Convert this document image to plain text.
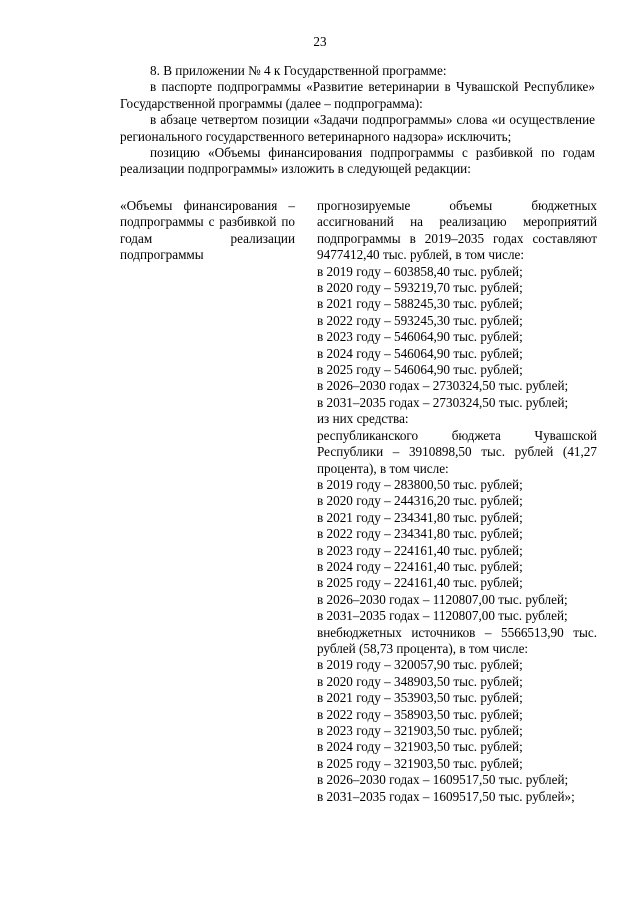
23

8. В приложении № 4 к Государственной программе:

в паспорте подпрограммы «Развитие ветеринарии в Чувашской Республике» Государственной программы (далее – подпрограмма):

в абзаце четвертом позиции «Задачи подпрограммы» слова «и осуществление регионального государственного ветеринарного надзора» исключить;

позицию «Объемы финансирования подпрограммы с разбивкой по годам реализации подпрограммы» изложить в следующей редакции:

«Объемы финансирования – подпрограммы с разбивкой по годам реализации подпрограммы
прогнозируемые объемы бюджетных ассигнований на реализацию мероприятий подпрограммы в 2019–2035 годах составляют 9477412,40 тыс. рублей, в том числе:
в 2019 году – 603858,40 тыс. рублей;
в 2020 году – 593219,70 тыс. рублей;
в 2021 году – 588245,30 тыс. рублей;
в 2022 году – 593245,30 тыс. рублей;
в 2023 году – 546064,90 тыс. рублей;
в 2024 году – 546064,90 тыс. рублей;
в 2025 году – 546064,90 тыс. рублей;
в 2026–2030 годах – 2730324,50 тыс. рублей;
в 2031–2035 годах – 2730324,50 тыс. рублей;
из них средства:
республиканского бюджета Чувашской Республики – 3910898,50 тыс. рублей (41,27 процента), в том числе:
в 2019 году – 283800,50 тыс. рублей;
в 2020 году – 244316,20 тыс. рублей;
в 2021 году – 234341,80 тыс. рублей;
в 2022 году – 234341,80 тыс. рублей;
в 2023 году – 224161,40 тыс. рублей;
в 2024 году – 224161,40 тыс. рублей;
в 2025 году – 224161,40 тыс. рублей;
в 2026–2030 годах – 1120807,00 тыс. рублей;
в 2031–2035 годах – 1120807,00 тыс. рублей;
внебюджетных источников – 5566513,90 тыс. рублей (58,73 процента), в том числе:
в 2019 году – 320057,90 тыс. рублей;
в 2020 году – 348903,50 тыс. рублей;
в 2021 году – 353903,50 тыс. рублей;
в 2022 году – 358903,50 тыс. рублей;
в 2023 году – 321903,50 тыс. рублей;
в 2024 году – 321903,50 тыс. рублей;
в 2025 году – 321903,50 тыс. рублей;
в 2026–2030 годах – 1609517,50 тыс. рублей;
в 2031–2035 годах – 1609517,50 тыс. рублей»;
